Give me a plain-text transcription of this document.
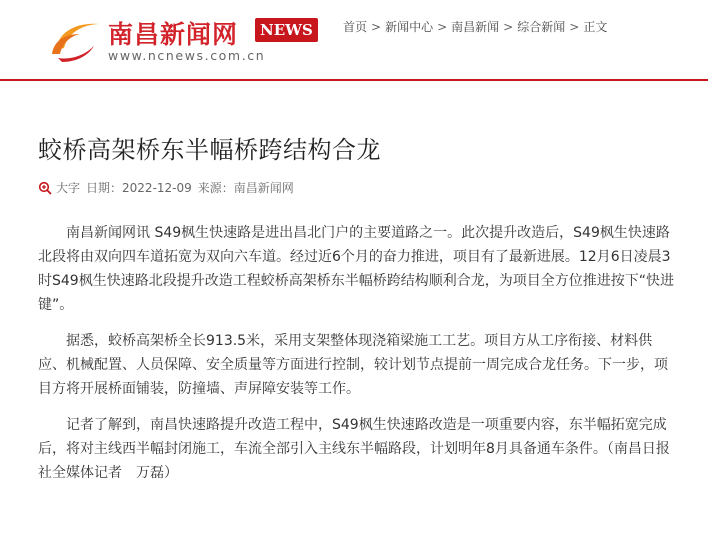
南昌新闻网	NEWS
www.ncnews.com.cn
首页 > 新闻中心 > 南昌新闻 > 综合新闻 > 正文
蛟桥高架桥东半幅桥跨结构合龙
大字 日期： 2022-12-09 来源： 南昌新闻网

南昌新闻网讯 S49枫生快速路是进出昌北门户的主要道路之一。此次提升改造后，S49枫生快速路北段将由双向四车道拓宽为双向六车道。经过近6个月的奋力推进，项目有了最新进展。12月6日凌晨3时S49枫生快速路北段提升改造工程蛟桥高架桥东半幅桥跨结构顺利合龙，为项目全方位推进按下“快进键”。

据悉，蛟桥高架桥全长913.5米，采用支架整体现浇箱梁施工工艺。项目方从工序衔接、材料供应、机械配置、人员保障、安全质量等方面进行控制，较计划节点提前一周完成合龙任务。下一步，项目方将开展桥面铺装，防撞墙、声屏障安装等工作。

记者了解到，南昌快速路提升改造工程中，S49枫生快速路改造是一项重要内容，东半幅拓宽完成后，将对主线西半幅封闭施工，车流全部引入主线东半幅路段，计划明年8月具备通车条件。（南昌日报社全媒体记者　万磊）
